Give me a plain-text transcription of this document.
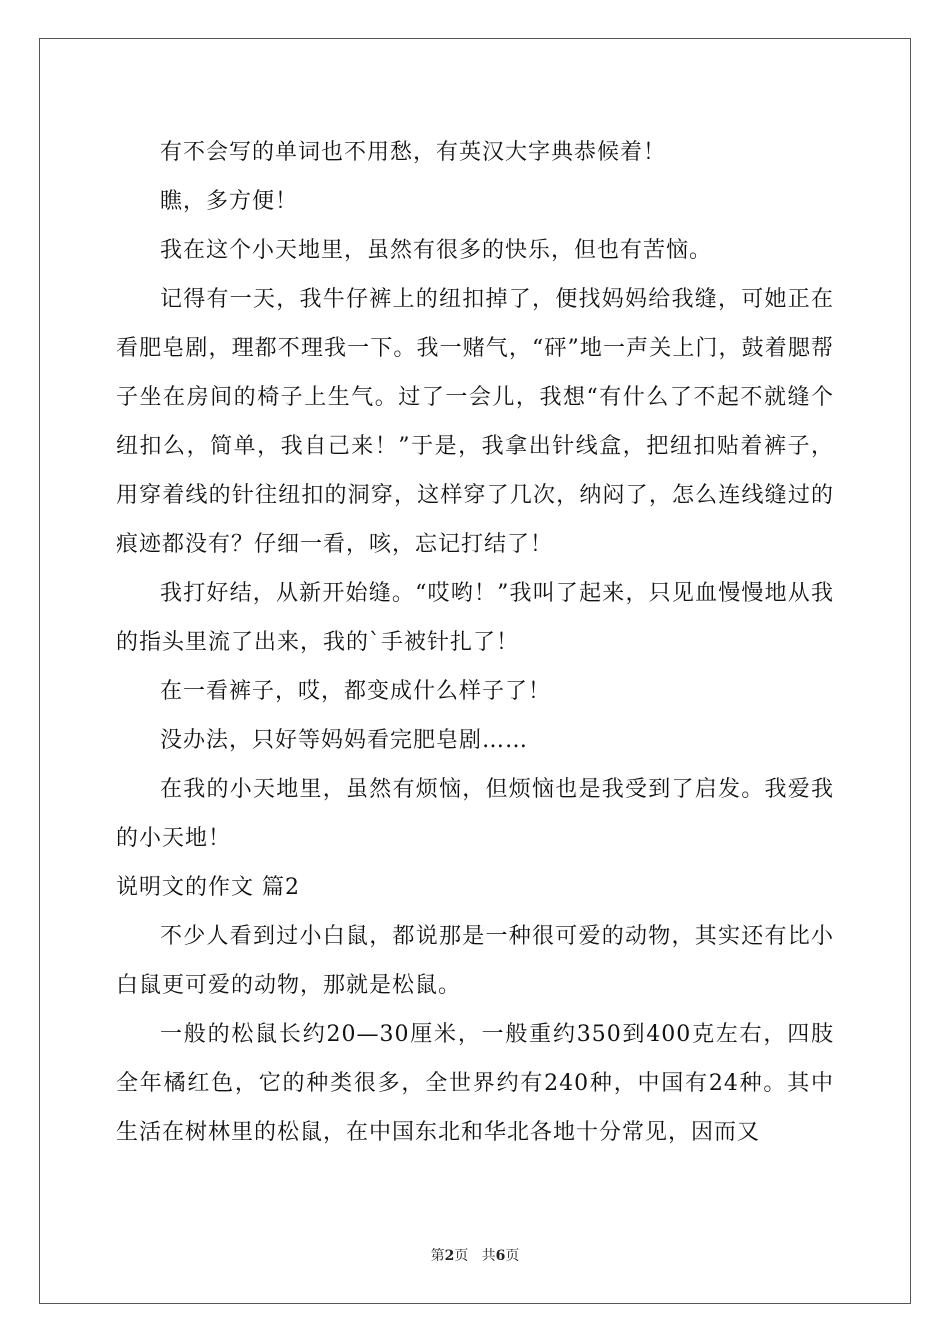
有不会写的单词也不用愁，有英汉大字典恭候着！

瞧，多方便！

我在这个小天地里，虽然有很多的快乐，但也有苦恼。

记得有一天，我牛仔裤上的纽扣掉了，便找妈妈给我缝，可她正在看肥皂剧，理都不理我一下。我一赌气，“砰”地一声关上门，鼓着腮帮子坐在房间的椅子上生气。过了一会儿，我想“有什么了不起不就缝个纽扣么，简单，我自己来！”于是，我拿出针线盒，把纽扣贴着裤子，用穿着线的针往纽扣的洞穿，这样穿了几次，纳闷了，怎么连线缝过的痕迹都没有？仔细一看，咳，忘记打结了！

我打好结，从新开始缝。“哎哟！”我叫了起来，只见血慢慢地从我的指头里流了出来，我的`手被针扎了！

在一看裤子，哎，都变成什么样子了！

没办法，只好等妈妈看完肥皂剧……

在我的小天地里，虽然有烦恼，但烦恼也是我受到了启发。我爱我的小天地！

说明文的作文 篇2

不少人看到过小白鼠，都说那是一种很可爱的动物，其实还有比小白鼠更可爱的动物，那就是松鼠。

一般的松鼠长约20—30厘米，一般重约350到400克左右，四肢全年橘红色，它的种类很多，全世界约有240种，中国有24种。其中生活在树林里的松鼠，在中国东北和华北各地十分常见，因而又

第2页 共6页
